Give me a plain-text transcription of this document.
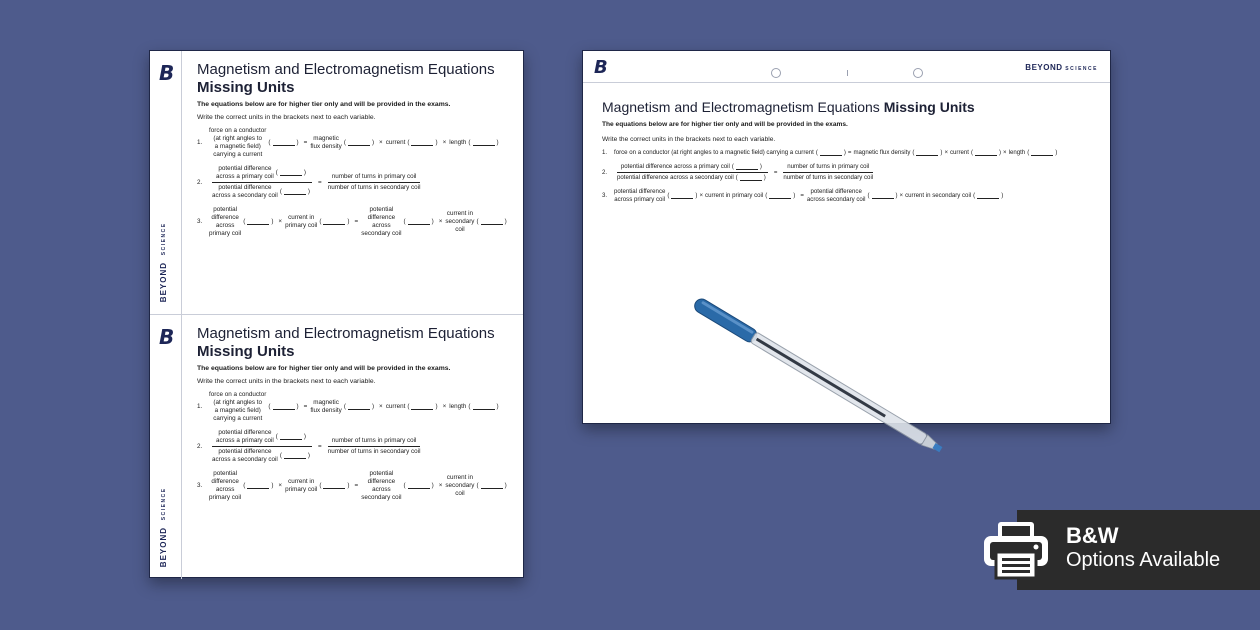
B
BEYOND SCIENCE
Magnetism and Electromagnetism Equations
Missing Units
The equations below are for higher tier only and will be provided in the exams.
Write the correct units in the brackets next to each variable.
1.
force on a conductor
(at right angles to
a magnetic field)
carrying a current
(  )
=
magnetic
flux density
(  )
× current (  )	× length
(  )
2.	potential difference
across a primary coil
(  )
potential difference
across a secondary coil
(  ) = $\frac{\text{number of turns in primary coil}}{\text{number of turns in secondary coil}}$
3.
potential
difference
across
primary coil
(  )
×
current in
primary coil
(  )
=
potential
difference
across
secondary coil
(  )
×
current in
secondary
coil
(  )
B
BEYOND SCIENCE
Magnetism and Electromagnetism Equations
Missing Units
The equations below are for higher tier only and will be provided in the exams.
Write the correct units in the brackets next to each variable.
1.
force on a conductor
(at right angles to
a magnetic field)
carrying a current
(  )
=
magnetic
flux density
(  )
× current (  )	× length
(  )
2.	potential difference
across a primary coil
(  )
potential difference
across a secondary coil
(  ) = $\frac{\text{number of turns in primary coil}}{\text{number of turns in secondary coil}}$
3.
potential
difference
across
primary coil
(  )
×
current in
primary coil
(  )
=
potential
difference
across
secondary coil
(  )
×
current in
secondary
coil
(  )
B	BEYOND SCIENCE
Magnetism and Electromagnetism Equations Missing Units
The equations below are for higher tier only and will be provided in the exams.
Write the correct units in the brackets next to each variable.
1.	force on a conductor (at right angles to a magnetic field) carrying a current (  )	= magnetic flux density (  )	× current (  )	× length
(  )
2.	$\frac{\text{potential difference across a primary coil(  )}}{\text{potential difference across a secondary coil}}$(  ) = $\frac{\text{number of turns in primary coil}}{\text{number of turns in secondary coil}}$
3.
potential difference
across primary coil
(  )
× current in primary coil (  )	=
potential difference
across secondary coil
(  )
× current in secondary coil
(  )
B&W
Options Available
